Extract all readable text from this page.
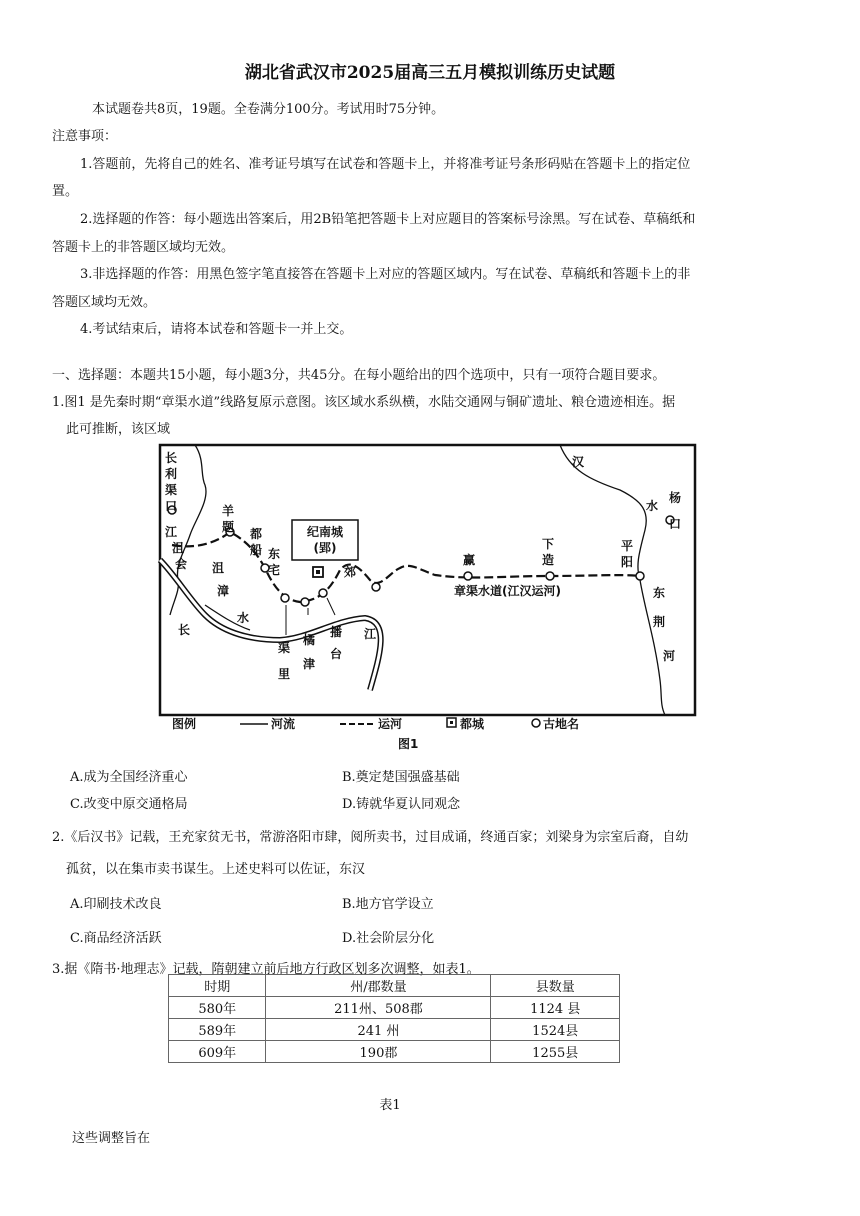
湖北省武汉市2025届高三五月模拟训练历史试题
本试题卷共8页，19题。全卷满分100分。考试用时75分钟。
注意事项：
1.答题前，先将自己的姓名、准考证号填写在试卷和答题卡上，并将准考证号条形码贴在答题卡上的指定位
置。
2.选择题的作答：每小题选出答案后，用2B铅笔把答题卡上对应题目的答案标号涂黑。写在试卷、草稿纸和
答题卡上的非答题区域均无效。
3.非选择题的作答：用黑色签字笔直接答在答题卡上对应的答题区域内。写在试卷、草稿纸和答题卡上的非
答题区域均无效。
4.考试结束后，请将本试卷和答题卡一并上交。
一、选择题：本题共15小题，每小题3分，共45分。在每小题给出的四个选项中，只有一项符合题目要求。
1.图1 是先秦时期“章渠水道”线路复原示意图。该区域水系纵横，水陆交通网与铜矿遗址、粮仓遗迹相连。据
此可推断，该区域
纪南城
(郢)
长
利
渠
口
江
沮
会
羊
题 都
船 东
宅
沮
漳
水
郊
赢
下
造
平
阳
章渠水道(江汉运河)
渠
里
橘
津
播
台
长	江
汉
水
杨
口
东
荆
河
图例	河流	运河	都城	古地名
图1
A.成为全国经济重心	B.奠定楚国强盛基础
C.改变中原交通格局	D.铸就华夏认同观念
2.《后汉书》记载，王充家贫无书，常游洛阳市肆，阅所卖书，过目成诵，终通百家；刘梁身为宗室后裔，自幼
孤贫，以在集市卖书谋生。上述史料可以佐证，东汉
A.印刷技术改良	B.地方官学设立
C.商品经济活跃	D.社会阶层分化
3.据《隋书·地理志》记载，隋朝建立前后地方行政区划多次调整，如表1。
时期	州/郡数量	县数量
580年	211州、508郡	1124 县
589年	241 州	1524县
609年	190郡	1255县
表1
这些调整旨在
